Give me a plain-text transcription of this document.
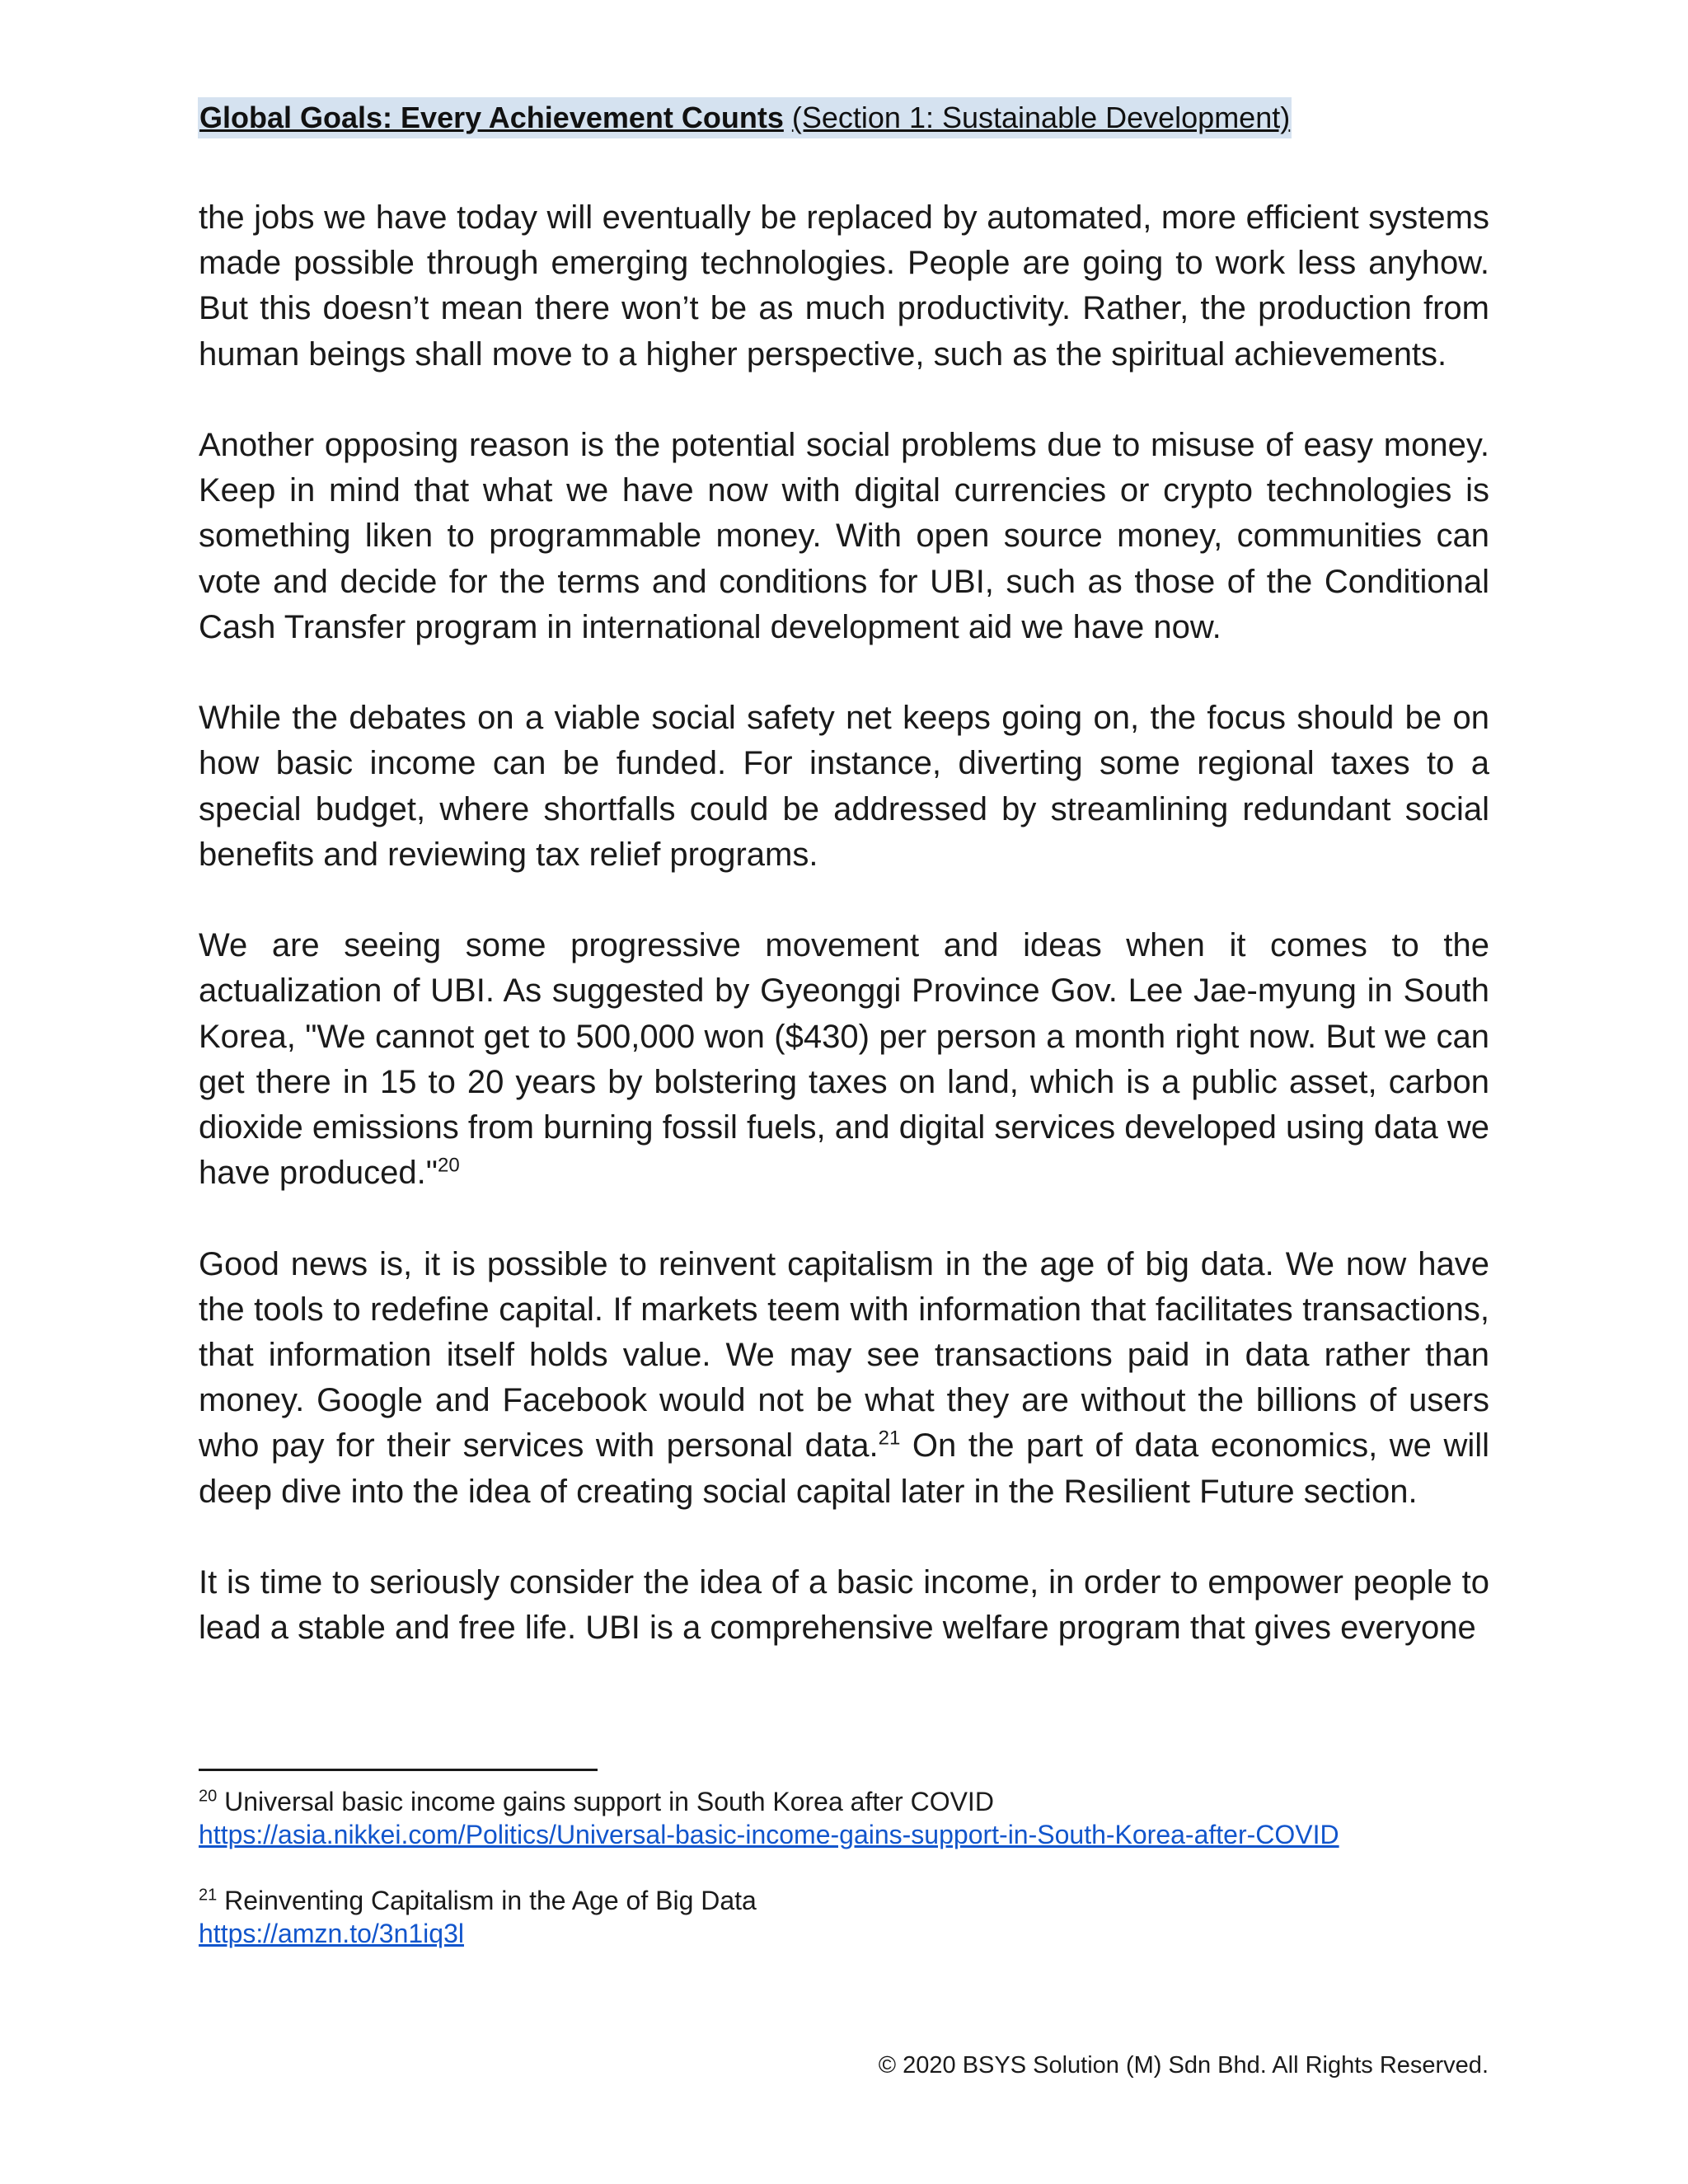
Global Goals: Every Achievement Counts (Section 1: Sustainable Development)

the jobs we have today will eventually be replaced by automated, more efficient systems made possible through emerging technologies. People are going to work less anyhow. But this doesn’t mean there won’t be as much productivity. Rather, the production from human beings shall move to a higher perspective, such as the spiritual achievements.

Another opposing reason is the potential social problems due to misuse of easy money. Keep in mind that what we have now with digital currencies or crypto technologies is something liken to programmable money. With open source money, communities can vote and decide for the terms and conditions for UBI, such as those of the Conditional Cash Transfer program in international development aid we have now.

While the debates on a viable social safety net keeps going on, the focus should be on how basic income can be funded. For instance, diverting some regional taxes to a special budget, where shortfalls could be addressed by streamlining redundant social benefits and reviewing tax relief programs.

We are seeing some progressive movement and ideas when it comes to the actualization of UBI. As suggested by Gyeonggi Province Gov. Lee Jae-myung in South Korea, "We cannot get to 500,000 won ($430) per person a month right now. But we can get there in 15 to 20 years by bolstering taxes on land, which is a public asset, carbon dioxide emissions from burning fossil fuels, and digital services developed using data we have produced."$^{20}$

Good news is, it is possible to reinvent capitalism in the age of big data. We now have the tools to redefine capital. If markets teem with information that facilitates transactions, that information itself holds value. We may see transactions paid in data rather than money. Google and Facebook would not be what they are without the billions of users who pay for their services with personal data.$^{21}$ On the part of data economics, we will deep dive into the idea of creating social capital later in the Resilient Future section.

It is time to seriously consider the idea of a basic income, in order to empower people to lead a stable and free life. UBI is a comprehensive welfare program that gives everyone

$^{20}$ Universal basic income gains support in South Korea after COVID
https://asia.nikkei.com/Politics/Universal-basic-income-gains-support-in-South-Korea-after-COVID
$^{21}$ Reinventing Capitalism in the Age of Big Data
https://amzn.to/3n1iq3l
© 2020 BSYS Solution (M) Sdn Bhd. All Rights Reserved.
